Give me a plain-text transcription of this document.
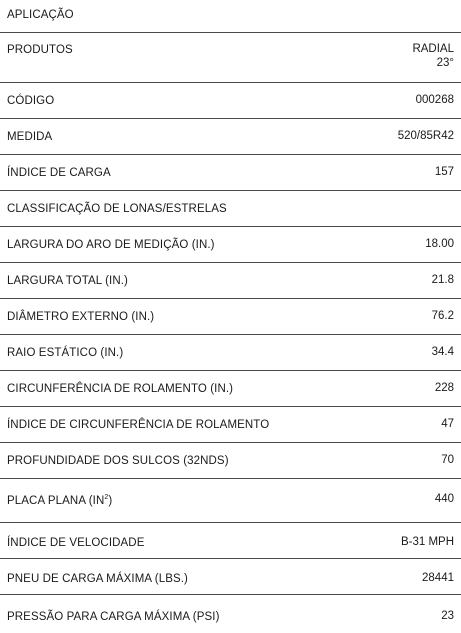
APLICAÇÃO
PRODUTOS	RADIAL
23°
CÓDIGO	000268
MEDIDA	520/85R42
ÍNDICE DE CARGA	157
CLASSIFICAÇÃO DE LONAS/ESTRELAS
LARGURA DO ARO DE MEDIÇÃO (IN.)	18.00
LARGURA TOTAL (IN.)	21.8
DIÂMETRO EXTERNO (IN.)	76.2
RAIO ESTÁTICO (IN.)	34.4
CIRCUNFERÊNCIA DE ROLAMENTO (IN.)	228
ÍNDICE DE CIRCUNFERÊNCIA DE ROLAMENTO	47
PROFUNDIDADE DOS SULCOS (32NDS)	70
PLACA PLANA $(IN^2)$	440
ÍNDICE DE VELOCIDADE	B-31 MPH
PNEU DE CARGA MÁXIMA (LBS.)	28441
PRESSÃO PARA CARGA MÁXIMA (PSI)	23
